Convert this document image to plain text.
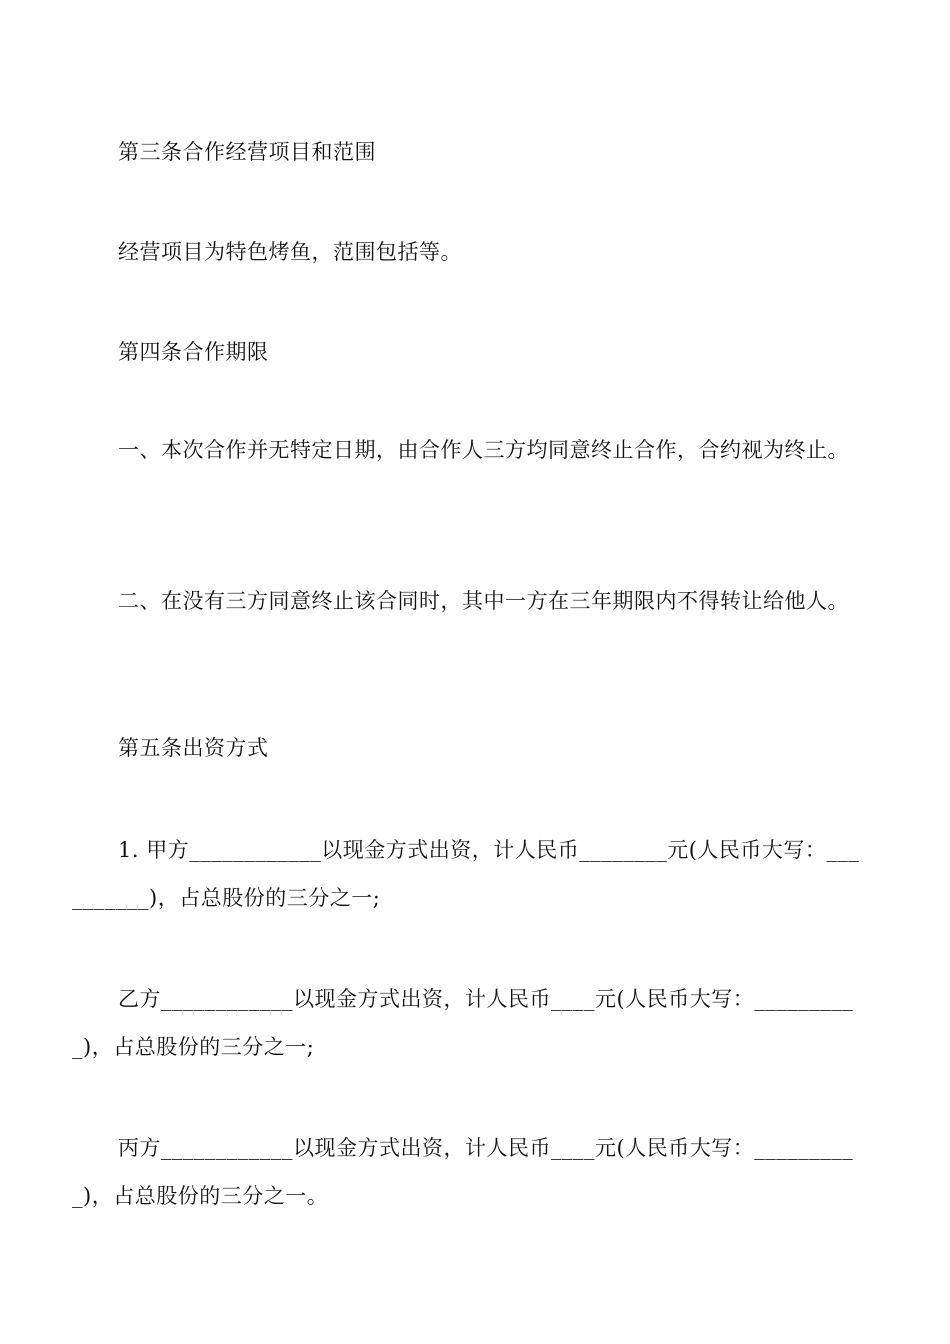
第三条合作经营项目和范围
经营项目为特色烤鱼，范围包括等。
第四条合作期限
一、本次合作并无特定日期，由合作人三方均同意终止合作，合约视为终止。
二、在没有三方同意终止该合同时，其中一方在三年期限内不得转让给他人。
第五条出资方式
1. 甲方____________以现金方式出资，计人民币________元(人民币大写：___
_______)，占总股份的三分之一;
乙方____________以现金方式出资，计人民币____元(人民币大写：_________
_)，占总股份的三分之一;
丙方____________以现金方式出资，计人民币____元(人民币大写：_________
_)，占总股份的三分之一。
